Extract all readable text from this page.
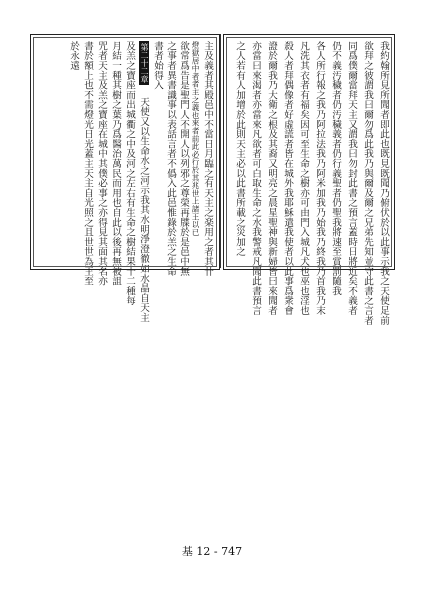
主及義者其殿邑中不當日月臨之有天主之楽用之者其卄
燈獄居中者者主之義也來者前此必行於其兆世上諸王以已
欲常爲告是聖門人不開人以列邪之尊榮再牒於是邑中無
之事者異書識事以表話言者不僞入此邑惟錄於羔之生命
書者始得入
第二十二章
天使又以生命水之河示我其水明淨澄徹如水晶自天主
及羔之寶座而出城衢之中及河之左右有生命之樹結果十二種每
月結一種其樹之葉乃爲醫治萬民而用也自此以後再無被詛
咒者天主及羔之寶座在城中其僕必事之亦得見其面其名亦
書於額上也不需燈光日光蓋主天主自光照之且世世為王至
於永遠	我約翰所見所聞者即此也既見既聞乃俯伏於以此事示我之天使足前
欲拜之彼謂我曰爾勿爲此我乃與爾及爾之兄弟先知並守此書之言者
同爲僕爾當拜天主又謂我曰勿封此書之預言蓋時日將近矣不義者
仍不義汚穢者仍汚穢義者仍行義聖者仍聖我將速至賞罰隨我
各人所行報之我乃阿拉法我乃阿米加我乃始我乃終我乃首我乃末
凡洗其衣者有福矣因可至生命之樹亦可由門入城凡犬也巫也淫也
殺人者拜偶像者好虛謊者皆在城外我耶穌遣我使者以此事爲衆會
證於爾我乃大衛之根及其裔又明亮之晨星聖神與新婦皆曰來聞者
亦當曰來渴者亦當來凡欲者可白取生命之水我警戒凡聞此書預言
之人若有人加增於此則天主必以此書所載之災加之
基 12 - 747
